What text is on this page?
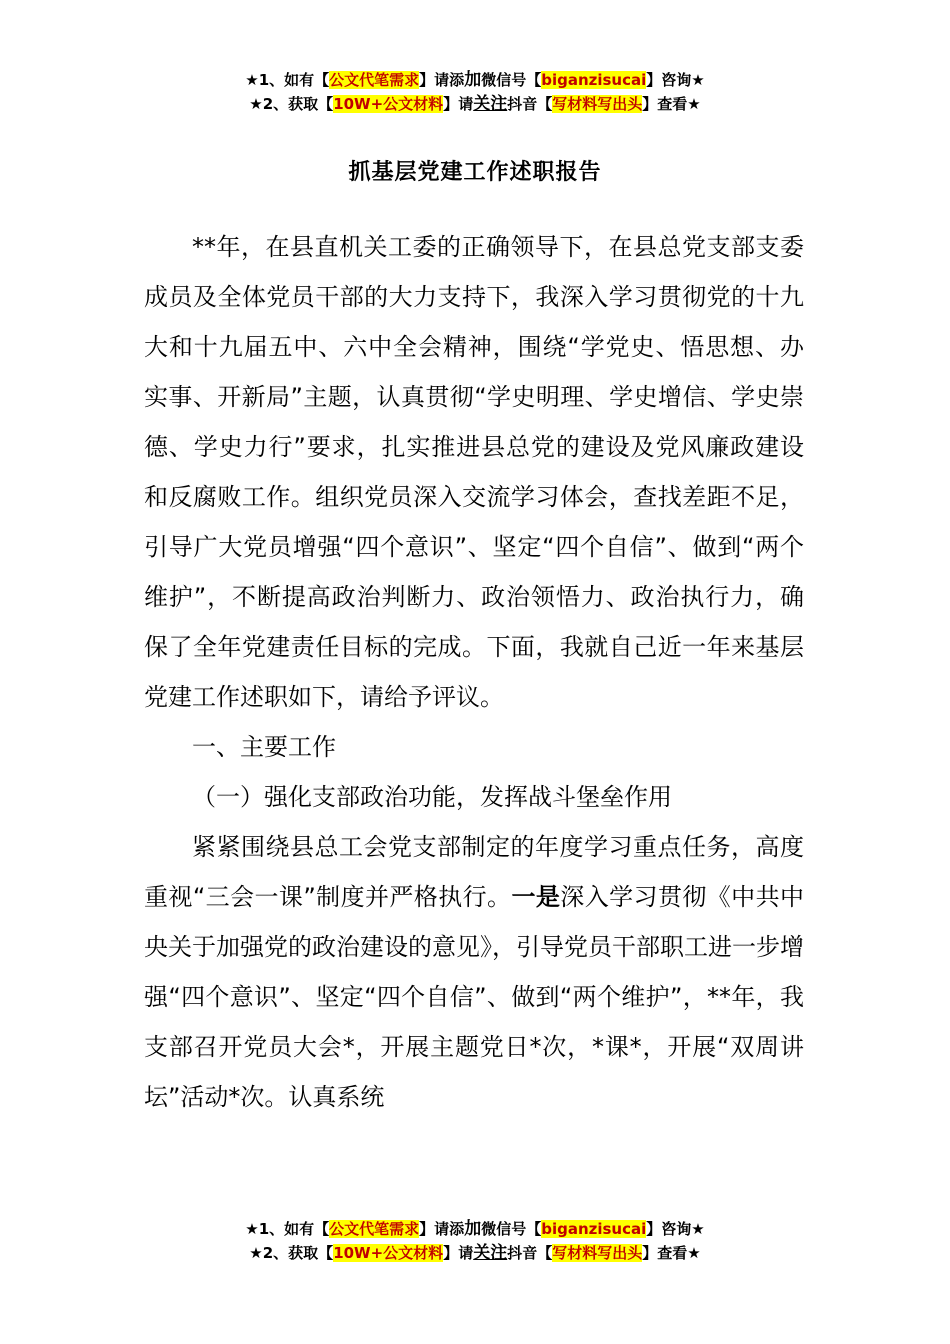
★1、如有【公文代笔需求】请添加微信号【biganzisucai】咨询★
★2、获取【10W+公文材料】请关注抖音【写材料写出头】查看★
抓基层党建工作述职报告

**年，在县直机关工委的正确领导下，在县总党支部支委成员及全体党员干部的大力支持下，我深入学习贯彻党的十九大和十九届五中、六中全会精神，围绕“学党史、悟思想、办实事、开新局”主题，认真贯彻“学史明理、学史增信、学史崇德、学史力行”要求，扎实推进县总党的建设及党风廉政建设和反腐败工作。组织党员深入交流学习体会，查找差距不足，引导广大党员增强“四个意识”、坚定“四个自信”、做到“两个维护”，不断提高政治判断力、政治领悟力、政治执行力，确保了全年党建责任目标的完成。下面，我就自己近一年来基层党建工作述职如下，请给予评议。

一、主要工作

（一）强化支部政治功能，发挥战斗堡垒作用

紧紧围绕县总工会党支部制定的年度学习重点任务，高度重视“三会一课”制度并严格执行。一是深入学习贯彻《中共中央关于加强党的政治建设的意见》，引导党员干部职工进一步增强“四个意识”、坚定“四个自信”、做到“两个维护”，**年，我支部召开党员大会*，开展主题党日*次，*课*，开展“双周讲坛”活动*次。认真系统

★1、如有【公文代笔需求】请添加微信号【biganzisucai】咨询★
★2、获取【10W+公文材料】请关注抖音【写材料写出头】查看★
